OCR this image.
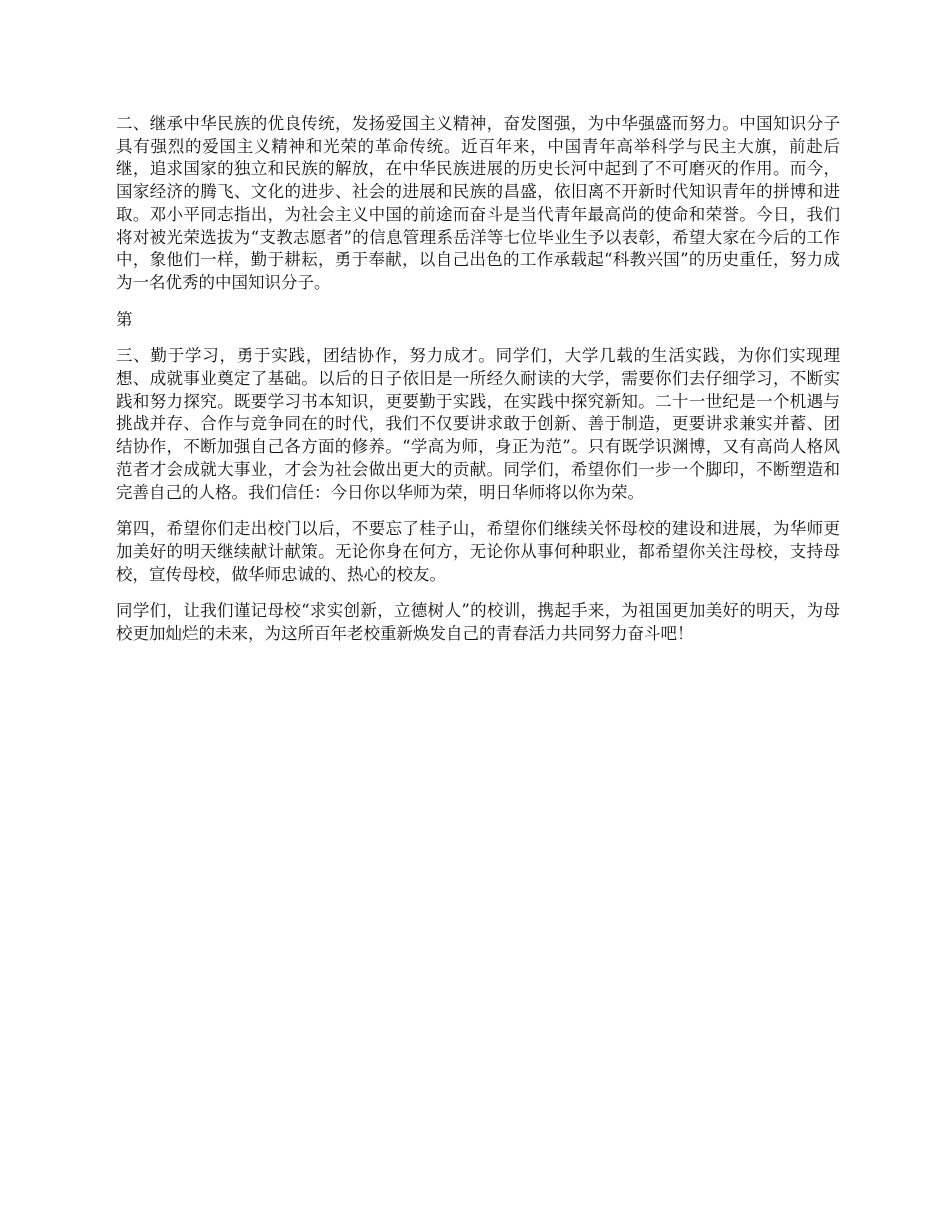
二、继承中华民族的优良传统，发扬爱国主义精神，奋发图强，为中华强盛而努力。中国知识分子具有强烈的爱国主义精神和光荣的革命传统。近百年来，中国青年高举科学与民主大旗，前赴后继，追求国家的独立和民族的解放，在中华民族进展的历史长河中起到了不可磨灭的作用。而今，国家经济的腾飞、文化的进步、社会的进展和民族的昌盛，依旧离不开新时代知识青年的拼博和进取。邓小平同志指出，为社会主义中国的前途而奋斗是当代青年最高尚的使命和荣誉。今日，我们将对被光荣选拔为“支教志愿者”的信息管理系岳洋等七位毕业生予以表彰，希望大家在今后的工作中，象他们一样，勤于耕耘，勇于奉献，以自己出色的工作承载起“科教兴国”的历史重任，努力成为一名优秀的中国知识分子。

第

三、勤于学习，勇于实践，团结协作，努力成才。同学们，大学几载的生活实践，为你们实现理想、成就事业奠定了基础。以后的日子依旧是一所经久耐读的大学，需要你们去仔细学习，不断实践和努力探究。既要学习书本知识，更要勤于实践，在实践中探究新知。二十一世纪是一个机遇与挑战并存、合作与竞争同在的时代，我们不仅要讲求敢于创新、善于制造，更要讲求兼实并蓄、团结协作，不断加强自己各方面的修养。“学高为师，身正为范”。只有既学识渊博，又有高尚人格风范者才会成就大事业，才会为社会做出更大的贡献。同学们，希望你们一步一个脚印，不断塑造和完善自己的人格。我们信任：今日你以华师为荣，明日华师将以你为荣。

第四，希望你们走出校门以后，不要忘了桂子山，希望你们继续关怀母校的建设和进展，为华师更加美好的明天继续献计献策。无论你身在何方，无论你从事何种职业，都希望你关注母校，支持母校，宣传母校，做华师忠诚的、热心的校友。

同学们，让我们谨记母校“求实创新，立德树人”的校训，携起手来，为祖国更加美好的明天，为母校更加灿烂的未来，为这所百年老校重新焕发自己的青春活力共同努力奋斗吧！
